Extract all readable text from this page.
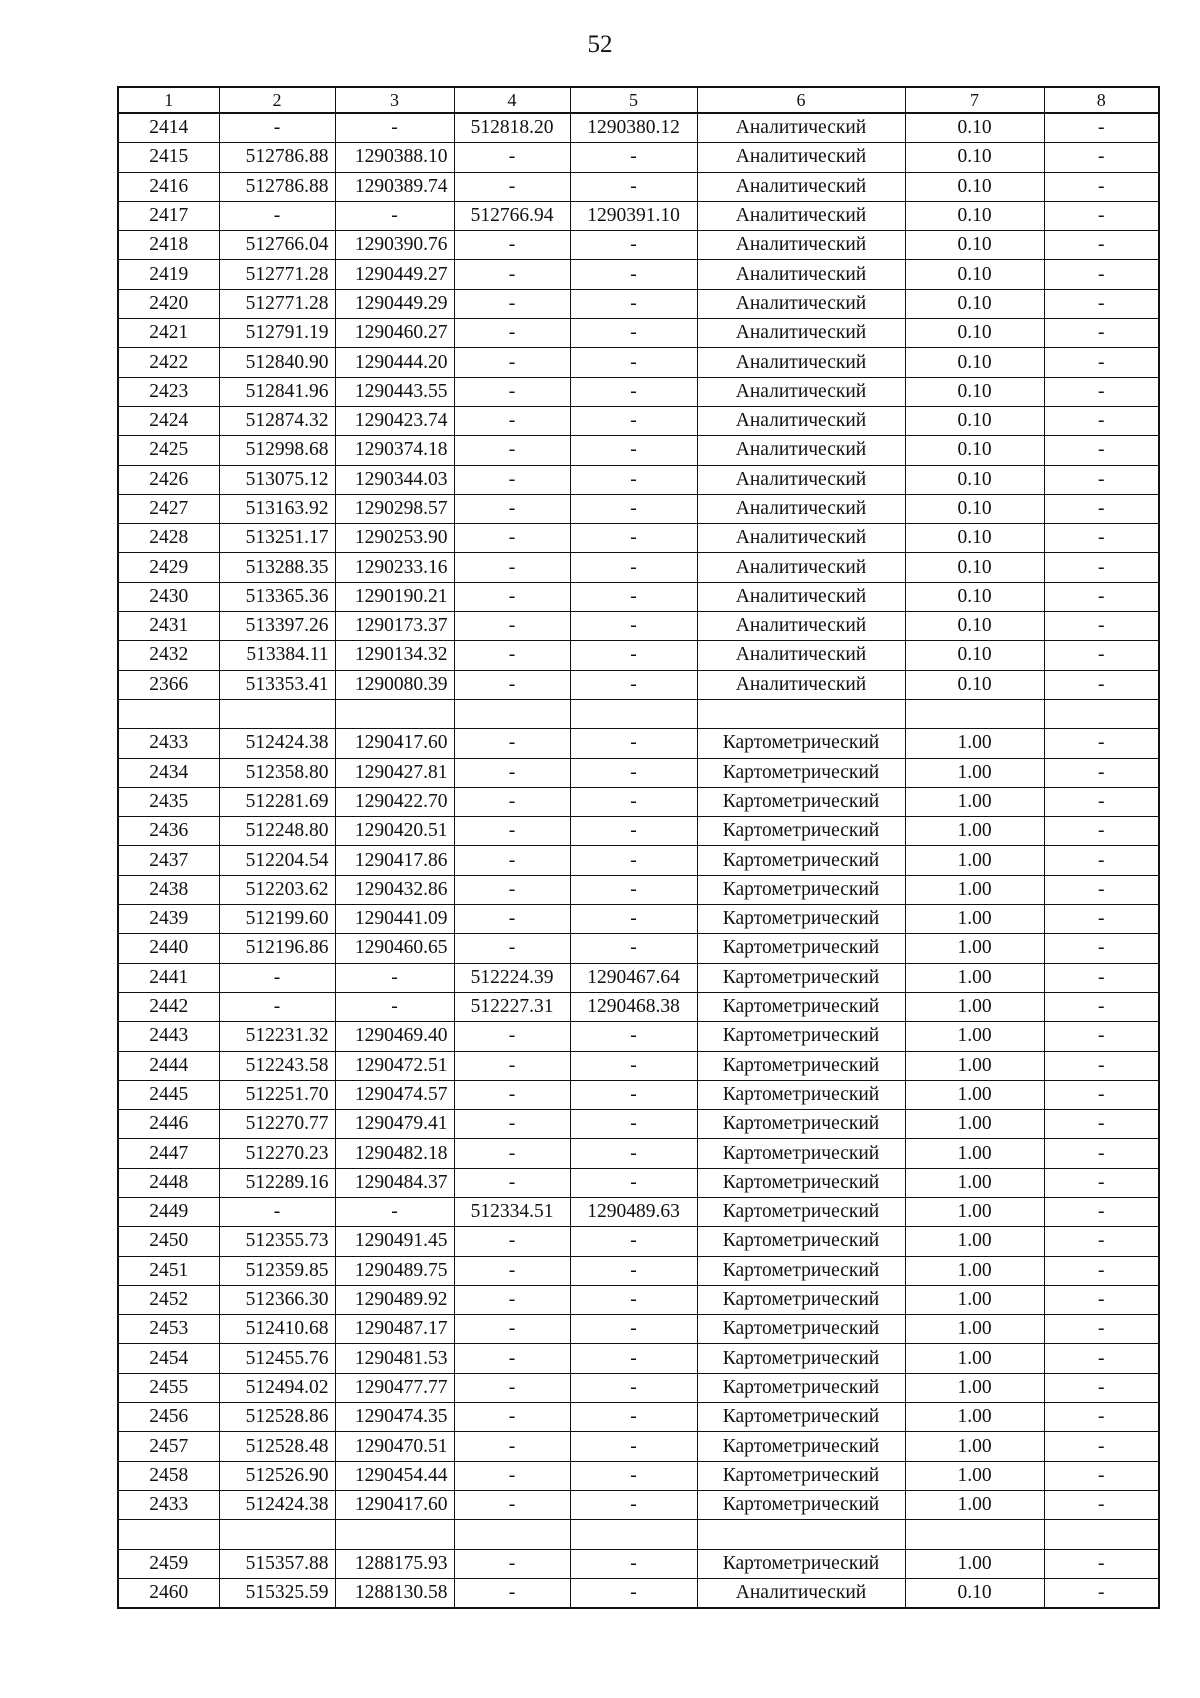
52
1	2	3	4	5	6	7	8
2414	-	-	512818.20	1290380.12	Аналитический	0.10	-
2415	512786.88	1290388.10	-	-	Аналитический	0.10	-
2416	512786.88	1290389.74	-	-	Аналитический	0.10	-
2417	-	-	512766.94	1290391.10	Аналитический	0.10	-
2418	512766.04	1290390.76	-	-	Аналитический	0.10	-
2419	512771.28	1290449.27	-	-	Аналитический	0.10	-
2420	512771.28	1290449.29	-	-	Аналитический	0.10	-
2421	512791.19	1290460.27	-	-	Аналитический	0.10	-
2422	512840.90	1290444.20	-	-	Аналитический	0.10	-
2423	512841.96	1290443.55	-	-	Аналитический	0.10	-
2424	512874.32	1290423.74	-	-	Аналитический	0.10	-
2425	512998.68	1290374.18	-	-	Аналитический	0.10	-
2426	513075.12	1290344.03	-	-	Аналитический	0.10	-
2427	513163.92	1290298.57	-	-	Аналитический	0.10	-
2428	513251.17	1290253.90	-	-	Аналитический	0.10	-
2429	513288.35	1290233.16	-	-	Аналитический	0.10	-
2430	513365.36	1290190.21	-	-	Аналитический	0.10	-
2431	513397.26	1290173.37	-	-	Аналитический	0.10	-
2432	513384.11	1290134.32	-	-	Аналитический	0.10	-
2366	513353.41	1290080.39	-	-	Аналитический	0.10	-

2433	512424.38	1290417.60	-	-	Картометрический	1.00	-
2434	512358.80	1290427.81	-	-	Картометрический	1.00	-
2435	512281.69	1290422.70	-	-	Картометрический	1.00	-
2436	512248.80	1290420.51	-	-	Картометрический	1.00	-
2437	512204.54	1290417.86	-	-	Картометрический	1.00	-
2438	512203.62	1290432.86	-	-	Картометрический	1.00	-
2439	512199.60	1290441.09	-	-	Картометрический	1.00	-
2440	512196.86	1290460.65	-	-	Картометрический	1.00	-
2441	-	-	512224.39	1290467.64	Картометрический	1.00	-
2442	-	-	512227.31	1290468.38	Картометрический	1.00	-
2443	512231.32	1290469.40	-	-	Картометрический	1.00	-
2444	512243.58	1290472.51	-	-	Картометрический	1.00	-
2445	512251.70	1290474.57	-	-	Картометрический	1.00	-
2446	512270.77	1290479.41	-	-	Картометрический	1.00	-
2447	512270.23	1290482.18	-	-	Картометрический	1.00	-
2448	512289.16	1290484.37	-	-	Картометрический	1.00	-
2449	-	-	512334.51	1290489.63	Картометрический	1.00	-
2450	512355.73	1290491.45	-	-	Картометрический	1.00	-
2451	512359.85	1290489.75	-	-	Картометрический	1.00	-
2452	512366.30	1290489.92	-	-	Картометрический	1.00	-
2453	512410.68	1290487.17	-	-	Картометрический	1.00	-
2454	512455.76	1290481.53	-	-	Картометрический	1.00	-
2455	512494.02	1290477.77	-	-	Картометрический	1.00	-
2456	512528.86	1290474.35	-	-	Картометрический	1.00	-
2457	512528.48	1290470.51	-	-	Картометрический	1.00	-
2458	512526.90	1290454.44	-	-	Картометрический	1.00	-
2433	512424.38	1290417.60	-	-	Картометрический	1.00	-

2459	515357.88	1288175.93	-	-	Картометрический	1.00	-
2460	515325.59	1288130.58	-	-	Аналитический	0.10	-
